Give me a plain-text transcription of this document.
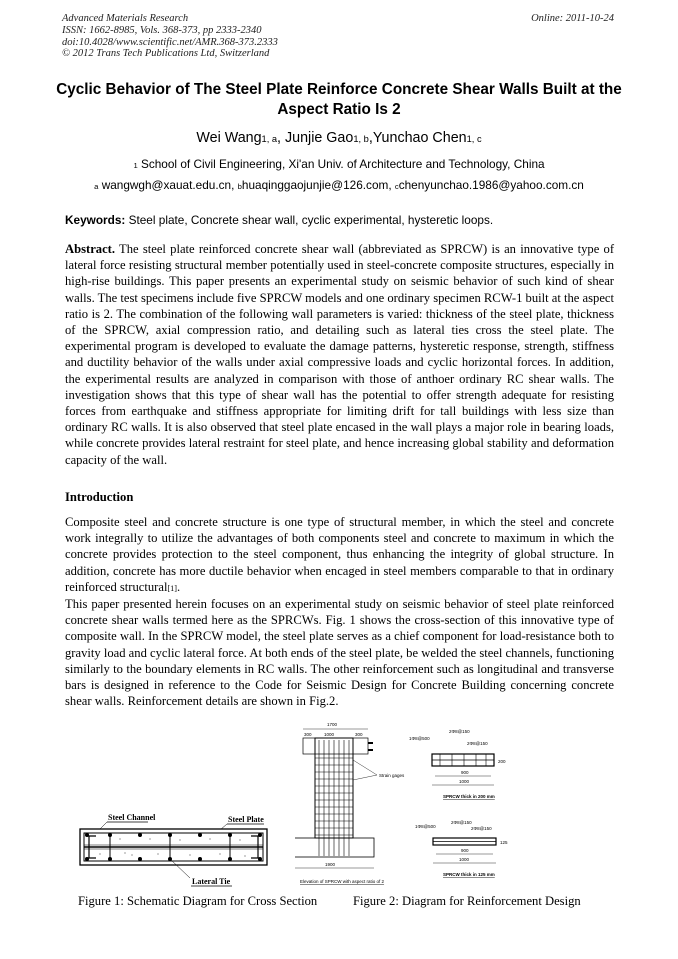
Advanced Materials Research
ISSN: 1662-8985, Vols. 368-373, pp 2333-2340
doi:10.4028/www.scientific.net/AMR.368-373.2333
© 2012 Trans Tech Publications Ltd, Switzerland
Online: 2011-10-24
Cyclic Behavior of The Steel Plate Reinforce Concrete Shear Walls Built at the Aspect Ratio Is 2
Wei Wang$^{1, a}$, Junjie Gao$^{1, b}$,Yunchao Chen$^{1, c}$
$^1$ School of Civil Engineering, Xi'an Univ. of Architecture and Technology, China
$^a$ wangwgh@xauat.edu.cn, $^b$huaqinggaojunjie@126.com, $^c$chenyunchao.1986@yahoo.com.cn
Keywords: Steel plate, Concrete shear wall, cyclic experimental, hysteretic loops.
Abstract. The steel plate reinforced concrete shear wall (abbreviated as SPRCW) is an innovative type of lateral force resisting structural member potentially used in steel-concrete composite structures, especially in high-rise buildings. This paper presents an experimental study on seismic behavior of such kind of shear walls. The test specimens include five SPRCW models and one ordinary specimen RCW-1 built at the aspect ratio is 2. The combination of the following wall parameters is varied: thickness of the steel plate, thickness of the SPRCW, axial compression ratio, and detailing such as lateral ties cross the steel plate. The experimental program is developed to evaluate the damage patterns, hysteretic response, strength, stiffness and ductility behavior of the walls under axial compressive loads and cyclic horizontal forces. In addition, the experimental results are analyzed in comparison with those of anthoer ordinary RC shear walls. The investigation shows that this type of shear wall has the potential to offer strength adequate for resisting forces from earthquake and stiffness appropriate for limiting drift for tall buildings with less size than ordinary RC walls. It is also observed that steel plate encased in the wall plays a major role in bearing loads, while concrete provides lateral restraint for steel plate, and hence increasing global stability and deformation capacity of the wall.
Introduction
Composite steel and concrete structure is one type of structural member, in which the steel and concrete work integrally to utilize the advantages of both components steel and concrete to maximum in which the concrete provides protection to the steel component, thus enhancing the integrity of global structure. In addition, concrete has more ductile behavior when encaged in steel members comparable to that in ordinary reinforced structural[1].
This paper presented herein focuses on an experimental study on seismic behavior of steel plate reinforced concrete shear walls termed here as the SPRCWs. Fig. 1 shows the cross-section of this innovative type of composite wall. In the SPRCW model, the steel plate serves as a chief component for load-resistance both to gravity load and cyclic lateral force. At both ends of the steel plate, be welded the steel channels, functioning similarly to the boundary elements in RC walls. The other reinforcement such as longitudinal and transverse bars is designed in reference to the Code for Seismic Design for Concrete Building concerning concrete shear walls. Reinforcement details are shown in Fig.2.
Steel Channel	Steel Plate
Lateral Tie
1700
300	1000	300
Strain gages
1900
Elevation of SPRCW with aspect ratio of 2
1Φ8@500
2Φ8@150
2Φ8@150
200
900
1000
SPRCW thick in 200 mm
1Φ8@500
2Φ8@150
2Φ8@150
125
900
1000
SPRCW thick in 125 mm
Figure 1: Schematic Diagram for Cross Section	Figure 2: Diagram for Reinforcement Design
